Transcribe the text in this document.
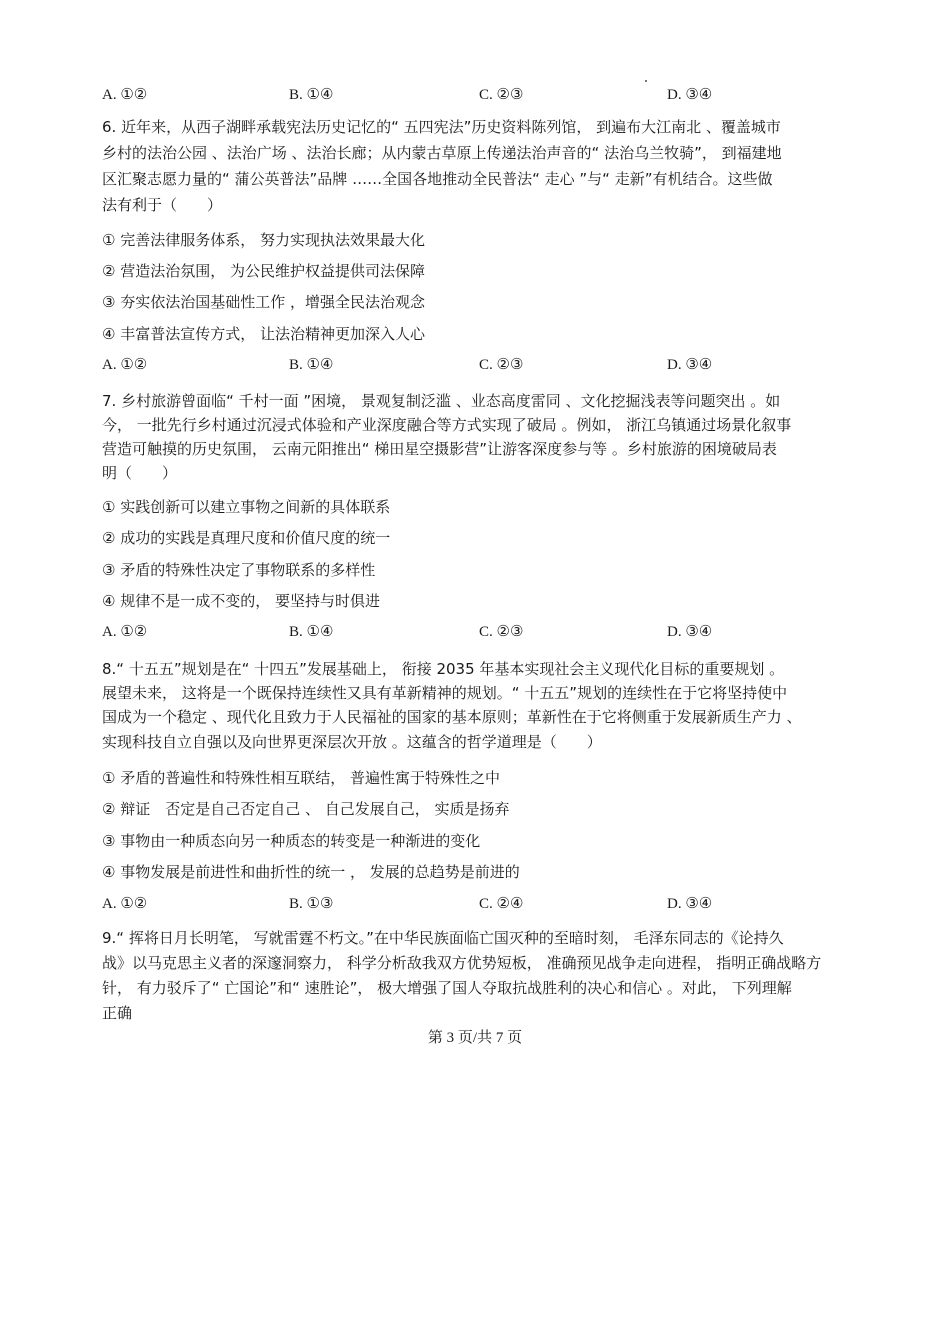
A. ①②	B. ①④	C. ②③	D. ③④
6. 近年来，从西子湖畔承载宪法历史记忆的“ 五四宪法”历史资料陈列馆， 到遍布大江南北 、覆盖城市
乡村的法治公园 、法治广场 、法治长廊；从内蒙古草原上传递法治声音的“ 法治乌兰牧骑”， 到福建地
区汇聚志愿力量的“ 蒲公英普法”品牌 ……全国各地推动全民普法“ 走心 ”与“ 走新”有机结合。这些做
法有利于（　　）
① 完善法律服务体系， 努力实现执法效果最大化
② 营造法治氛围， 为公民维护权益提供司法保障
③ 夯实依法治国基础性工作 ，增强全民法治观念
④ 丰富普法宣传方式， 让法治精神更加深入人心
A. ①②	B. ①④	C. ②③	D. ③④
7. 乡村旅游曾面临“ 千村一面 ”困境， 景观复制泛滥 、业态高度雷同 、文化挖掘浅表等问题突出 。如
今， 一批先行乡村通过沉浸式体验和产业深度融合等方式实现了破局 。例如， 浙江乌镇通过场景化叙事
营造可触摸的历史氛围， 云南元阳推出“ 梯田星空摄影营”让游客深度参与等 。乡村旅游的困境破局表
明（　　）
① 实践创新可以建立事物之间新的具体联系
② 成功的实践是真理尺度和价值尺度的统一
③ 矛盾的特殊性决定了事物联系的多样性
④ 规律不是一成不变的， 要坚持与时俱进
A. ①②	B. ①④	C. ②③	D. ③④
8.“ 十五五”规划是在“ 十四五”发展基础上， 衔接 2035 年基本实现社会主义现代化目标的重要规划 。
展望未来， 这将是一个既保持连续性又具有革新精神的规划。“ 十五五”规划的连续性在于它将坚持使中
国成为一个稳定 、现代化且致力于人民福祉的国家的基本原则；革新性在于它将侧重于发展新质生产力 、
实现科技自立自强以及向世界更深层次开放 。这蕴含的哲学道理是（　　）
① 矛盾的普遍性和特殊性相互联结， 普遍性寓于特殊性之中
② 辩证　否定是自己否定自己 、 自己发展自己， 实质是扬弃
③ 事物由一种质态向另一种质态的转变是一种渐进的变化
④ 事物发展是前进性和曲折性的统一 ， 发展的总趋势是前进的
A. ①②	B. ①③	C. ②④	D. ③④
9.“ 挥将日月长明笔， 写就雷霆不朽文。”在中华民族面临亡国灭种的至暗时刻， 毛泽东同志的《论持久
战》以马克思主义者的深邃洞察力， 科学分析敌我双方优势短板， 准确预见战争走向进程， 指明正确战略方
针， 有力驳斥了“ 亡国论”和“ 速胜论”， 极大增强了国人夺取抗战胜利的决心和信心 。对此， 下列理解
正确
第 3 页/共 7 页
